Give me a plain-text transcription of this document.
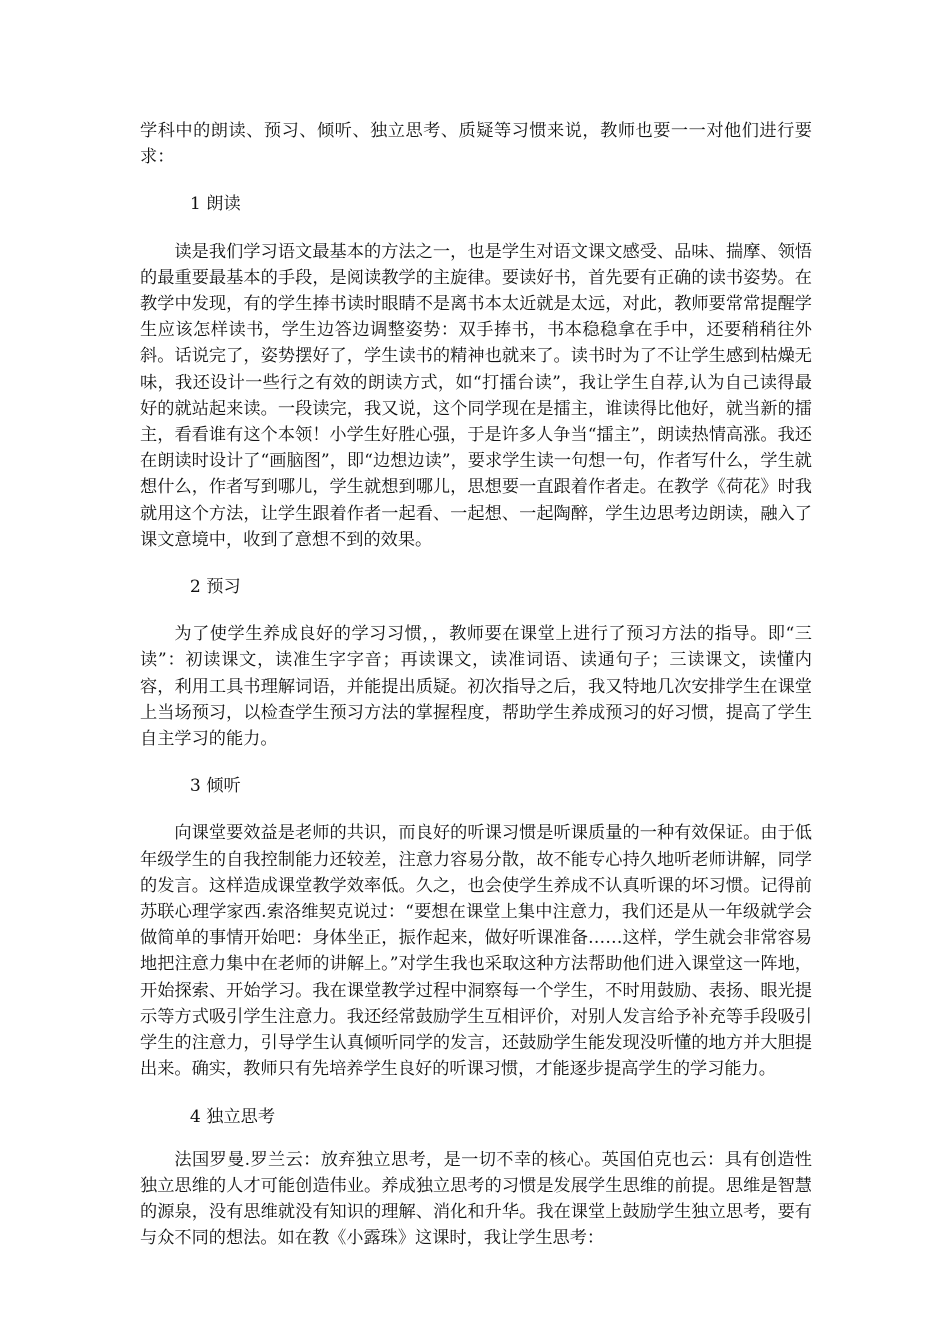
学科中的朗读、预习、倾听、独立思考、质疑等习惯来说，教师也要一一对他们进行要求：

1 朗读

读是我们学习语文最基本的方法之一，也是学生对语文课文感受、品味、揣摩、领悟的最重要最基本的手段，是阅读教学的主旋律。要读好书，首先要有正确的读书姿势。在教学中发现，有的学生捧书读时眼睛不是离书本太近就是太远，对此，教师要常常提醒学生应该怎样读书，学生边答边调整姿势：双手捧书，书本稳稳拿在手中，还要稍稍往外斜。话说完了，姿势摆好了，学生读书的精神也就来了。读书时为了不让学生感到枯燥无味，我还设计一些行之有效的朗读方式，如“打擂台读”，我让学生自荐,认为自己读得最好的就站起来读。一段读完，我又说，这个同学现在是擂主，谁读得比他好，就当新的擂主，看看谁有这个本领！小学生好胜心强，于是许多人争当“擂主”，朗读热情高涨。我还在朗读时设计了“画脑图”，即“边想边读”，要求学生读一句想一句，作者写什么，学生就想什么，作者写到哪儿，学生就想到哪儿，思想要一直跟着作者走。在教学《荷花》时我就用这个方法，让学生跟着作者一起看、一起想、一起陶醉，学生边思考边朗读，融入了课文意境中，收到了意想不到的效果。

2 预习

为了使学生养成良好的学习习惯，，教师要在课堂上进行了预习方法的指导。即“三读”：初读课文，读准生字字音；再读课文，读准词语、读通句子；三读课文，读懂内容，利用工具书理解词语，并能提出质疑。初次指导之后，我又特地几次安排学生在课堂上当场预习，以检查学生预习方法的掌握程度，帮助学生养成预习的好习惯，提高了学生自主学习的能力。

3 倾听

向课堂要效益是老师的共识，而良好的听课习惯是听课质量的一种有效保证。由于低年级学生的自我控制能力还较差，注意力容易分散，故不能专心持久地听老师讲解，同学的发言。这样造成课堂教学效率低。久之，也会使学生养成不认真听课的坏习惯。记得前苏联心理学家西.索洛维契克说过：“要想在课堂上集中注意力，我们还是从一年级就学会做简单的事情开始吧：身体坐正，振作起来，做好听课准备……这样，学生就会非常容易地把注意力集中在老师的讲解上。”对学生我也采取这种方法帮助他们进入课堂这一阵地，开始探索、开始学习。我在课堂教学过程中洞察每一个学生，不时用鼓励、表扬、眼光提示等方式吸引学生注意力。我还经常鼓励学生互相评价，对别人发言给予补充等手段吸引学生的注意力，引导学生认真倾听同学的发言，还鼓励学生能发现没听懂的地方并大胆提出来。确实，教师只有先培养学生良好的听课习惯，才能逐步提高学生的学习能力。

4 独立思考

法国罗曼.罗兰云：放弃独立思考，是一切不幸的核心。英国伯克也云：具有创造性独立思维的人才可能创造伟业。养成独立思考的习惯是发展学生思维的前提。思维是智慧的源泉，没有思维就没有知识的理解、消化和升华。我在课堂上鼓励学生独立思考，要有与众不同的想法。如在教《小露珠》这课时，我让学生思考：
